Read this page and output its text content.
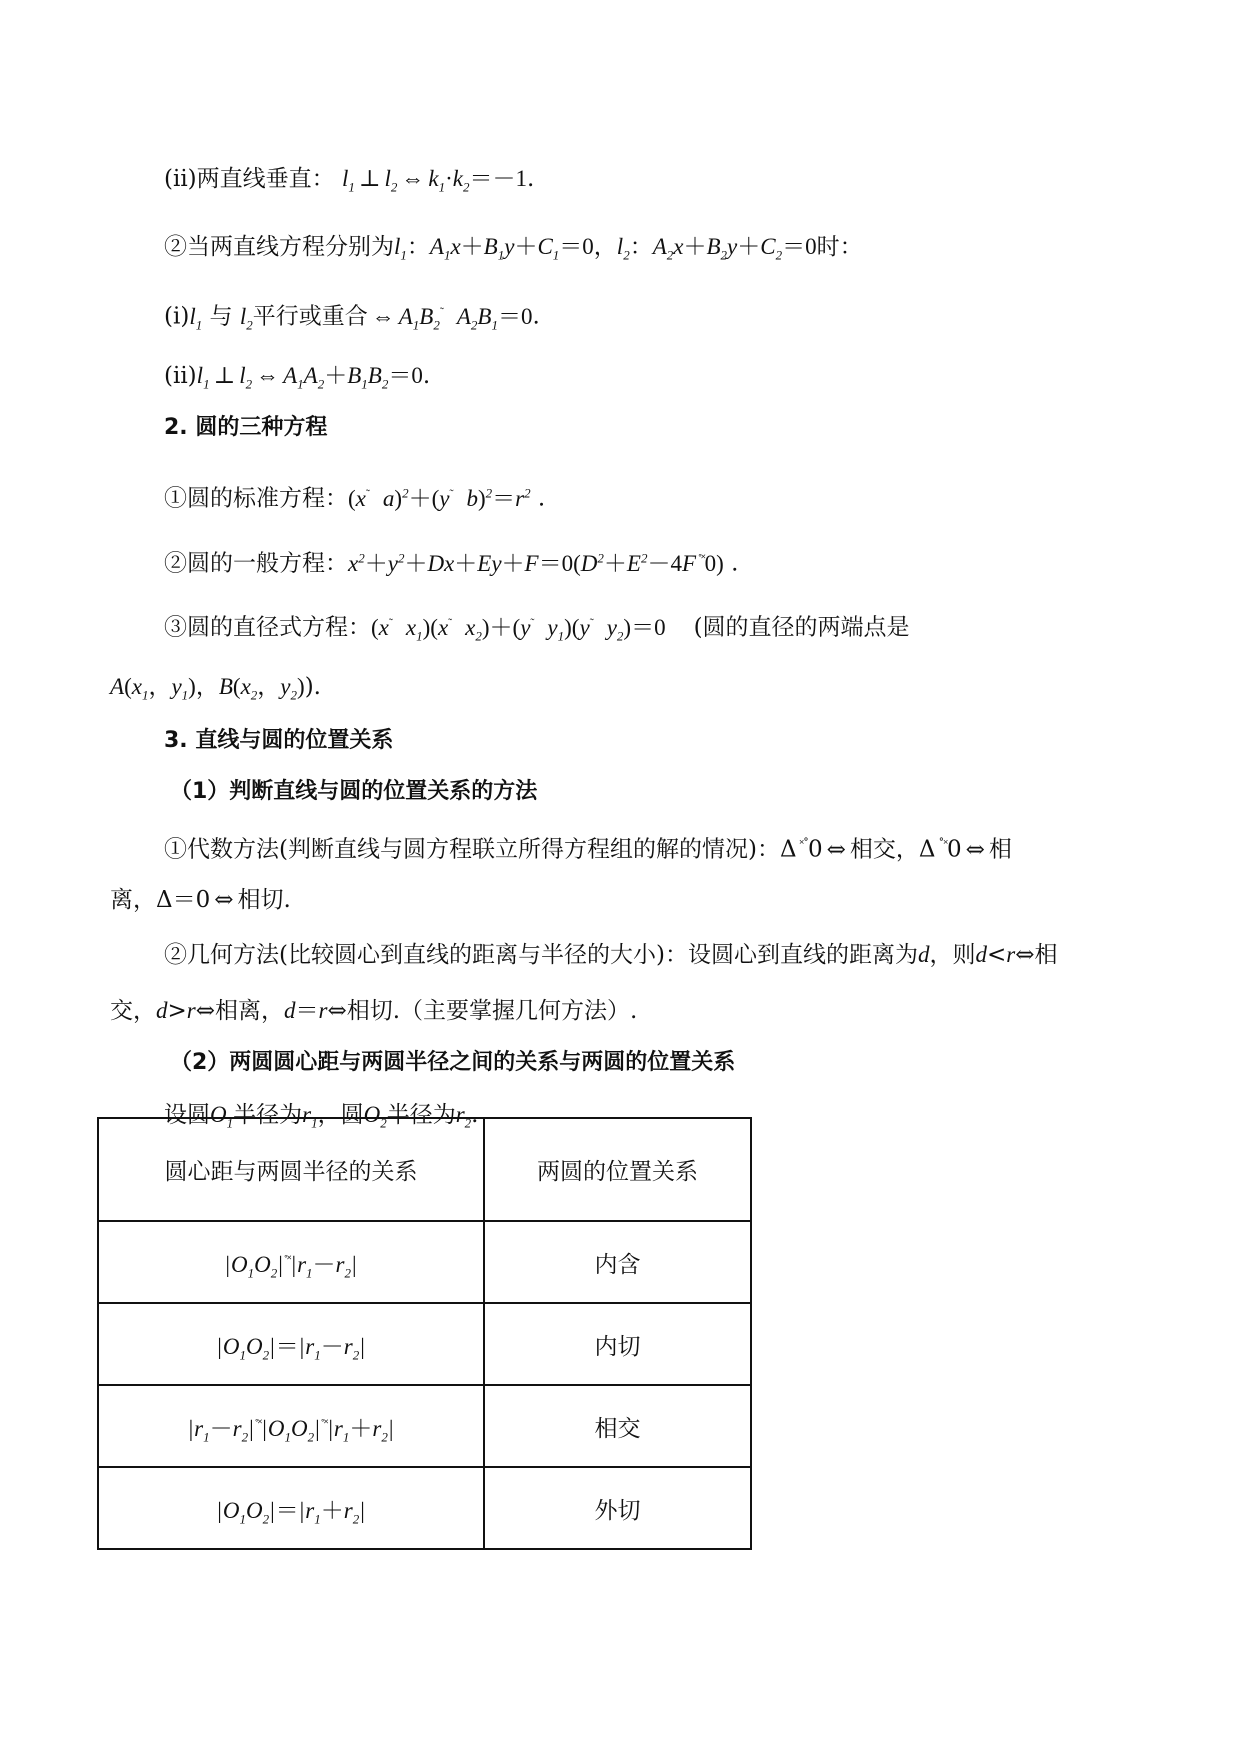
(ⅱ)两直线垂直： $l_1$ ⊥ $l_2$ ⇔ $k_1\cdot k_2=-1$.
②当两直线方程分别为$l_1$：$A_1x+B_1y+C_1=0$，$l_2$：$A_2x+B_2y+C_2=0$时：
$(ⅰ)l_1$ 与 $l_2$平行或重合 ⇔ $A_1B_2^˜$ $A_2B_1=0$.
$(ⅱ)l_1$ ⊥ $l_2$ ⇔ $A_1A_2+B_1B_2=0$.
2. 圆的三种方程
①圆的标准方程：(x˜ a)$^2$＋(y˜ $b)^2=r^2$ .
②圆的一般方程：$x^2+y^2+Dx+Ey+F=0(D^2+E^2-4F$ ˚˟0) .
③圆的直径式方程：(x˜ $x_1)(x^˜$ $x_2)+(y^˜$ $y_1)(y^˜$ $y_2)=0$ (圆的直径的两端点是
$A(x_1$，$y_1$)，$B(x_2$，$y_2$)).
3. 直线与圆的位置关系
（1）判断直线与圆的位置关系的方法
①代数方法(判断直线与圆方程联立所得方程组的解的情况)：Δ ˟˚0 ⇔ 相交，Δ ˚˟0 ⇔ 相
离，Δ＝0 ⇔ 相切.
②几何方法(比较圆心到直线的距离与半径的大小)：设圆心到直线的距离为d，则d<r⇔相
交，d>r⇔相离，d＝r⇔相切.（主要掌握几何方法）.
（2）两圆圆心距与两圆半径之间的关系与两圆的位置关系
设圆$O_1$半径为$r_1$，圆$O_2$半径为$r_2$.
圆心距与两圆半径的关系	两圆的位置关系
$|O_1O_2|^{˚˟}|r_1-r_2|$	内含
$|O_1O_2|=|r_1-r_2|$	内切
$|r_1-r_2|^{˚˟}|O_1O_2|^{˚˟}|r_1+r_2|$	相交
$|O_1O_2|=|r_1+r_2|$	外切
